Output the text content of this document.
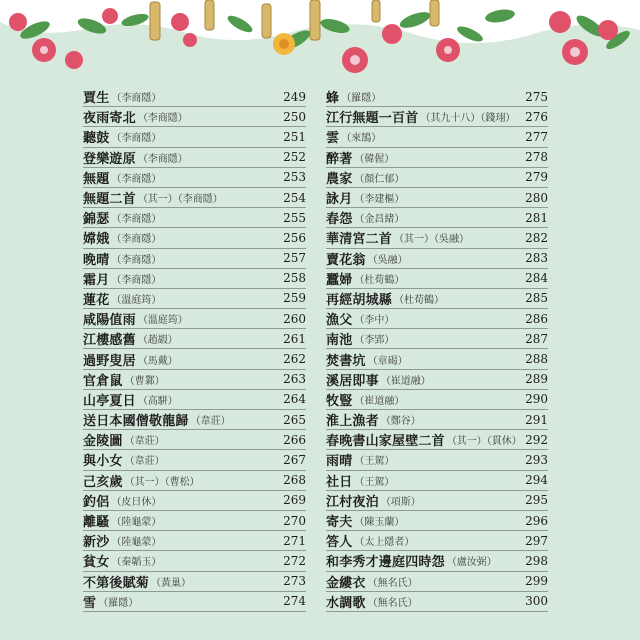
賈生 （李商隱）	249
夜雨寄北 （李商隱）	250
聽鼓 （李商隱）	251
登樂遊原 （李商隱）	252
無題 （李商隱）	253
無題二首 （其一）（李商隱）	254
錦瑟 （李商隱）	255
嫦娥 （李商隱）	256
晚晴 （李商隱）	257
霜月 （李商隱）	258
蓮花 （溫庭筠）	259
咸陽值雨 （溫庭筠）	260
江樓感舊 （趙嘏）	261
過野叟居 （馬戴）	262
官倉鼠 （曹鄴）	263
山亭夏日 （高駢）	264
送日本國僧敬龍歸 （韋莊）	265
金陵圖 （韋莊）	266
與小女 （韋莊）	267
己亥歲 （其一）（曹松）	268
釣侶 （皮日休）	269
離騷 （陸龜蒙）	270
新沙 （陸龜蒙）	271
貧女 （秦韜玉）	272
不第後賦菊 （黃巢）	273
雪 （羅隱）	274
蜂 （羅隱）	275
江行無題一百首 （其九十八）（錢珝） 276
雲 （來鵠）	277
醉著 （韓偓）	278
農家 （顏仁郁）	279
詠月 （李建樞）	280
春怨 （金昌緒）	281
華清宮二首 （其一）（吳融）	282
賣花翁 （吳融）	283
蠶婦 （杜荀鶴）	284
再經胡城縣 （杜荀鶴）	285
漁父 （李中）	286
南池 （李郢）	287
焚書坑 （章碣）	288
溪居即事 （崔道融）	289
牧豎 （崔道融）	290
淮上漁者 （鄭谷）	291
春晚書山家屋壁二首 （其一）（貫休） 292
雨晴 （王駕）	293
社日 （王駕）	294
江村夜泊 （項斯）	295
寄夫 （陳玉蘭）	296
答人 （太上隱者）	297
和李秀才邊庭四時怨 （盧汝弼） 298
金縷衣 （無名氏）	299
水調歌 （無名氏）	300
